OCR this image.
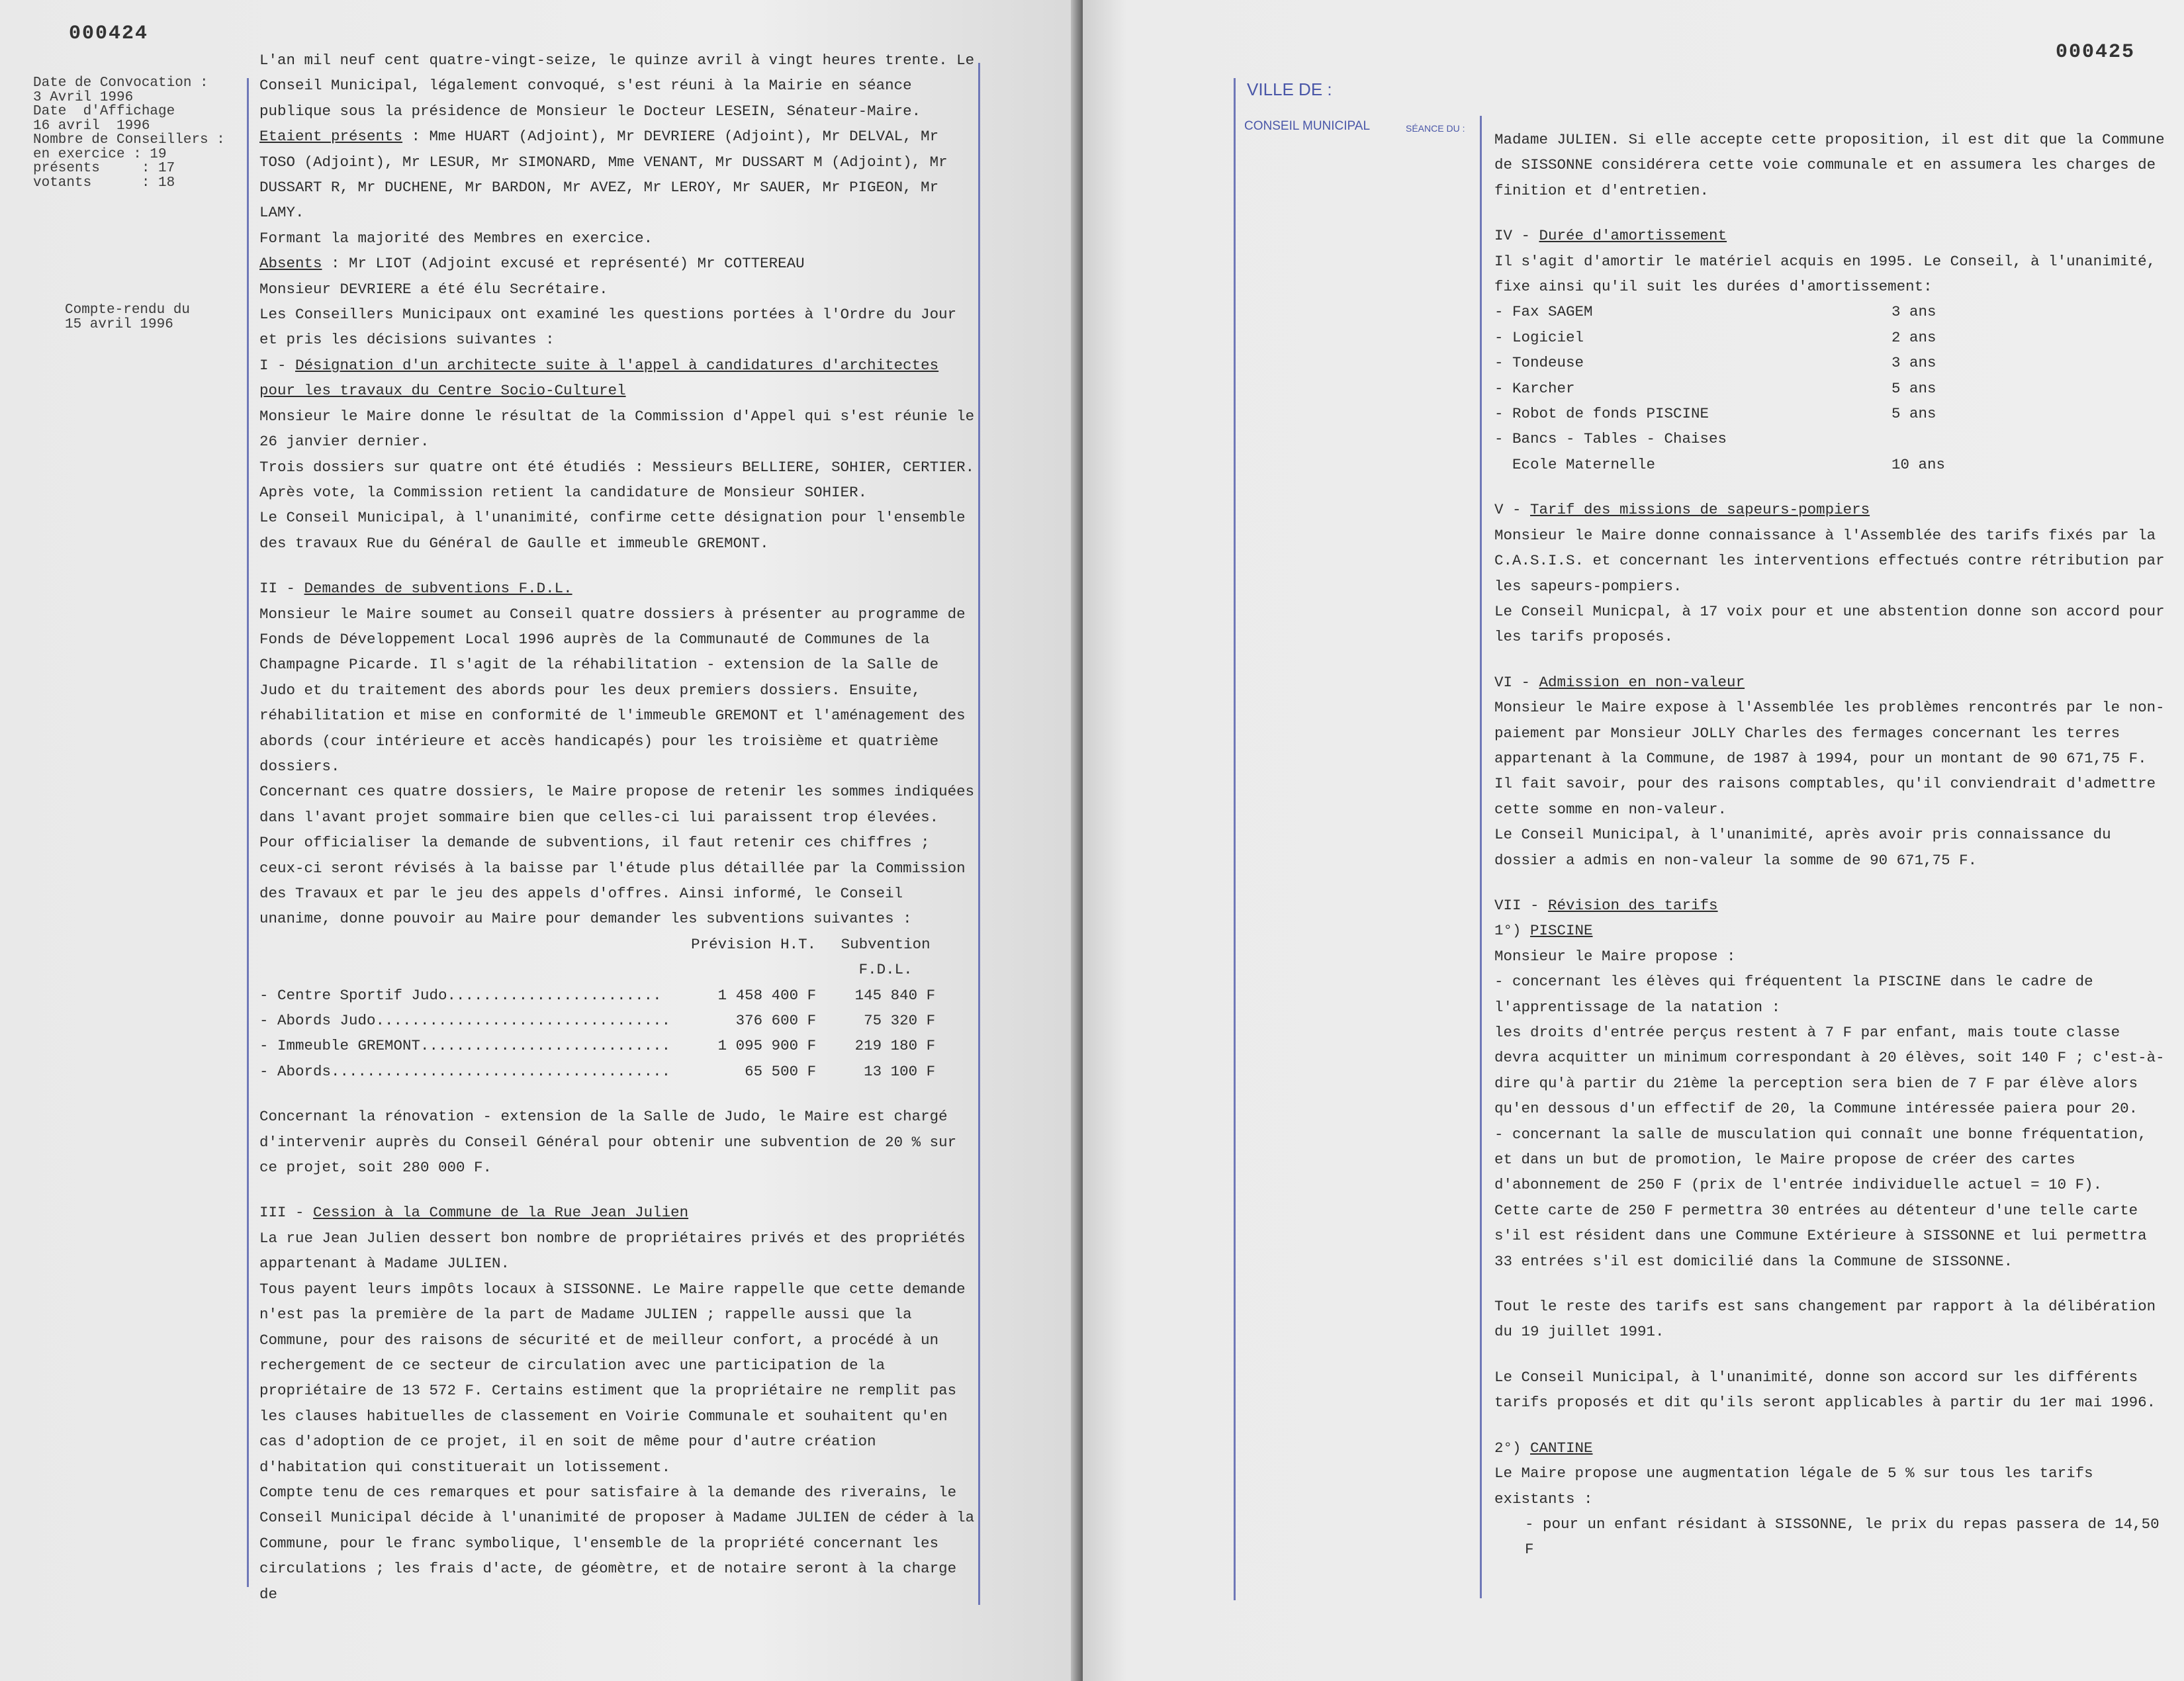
000424
Date de Convocation :
3 Avril 1996
Date  d'Affichage
16 avril  1996
Nombre de Conseillers :
en exercice : 19
présents     : 17
votants      : 18
Compte-rendu du
15 avril 1996

L'an mil neuf cent quatre-vingt-seize, le quinze avril à vingt heures trente. Le Conseil Municipal, légalement convoqué, s'est réuni à la Mairie en séance publique sous la présidence de Monsieur le Docteur LESEIN, Sénateur-Maire.

Etaient présents : Mme HUART (Adjoint), Mr DEVRIERE (Adjoint), Mr DELVAL, Mr TOSO (Adjoint), Mr LESUR, Mr SIMONARD, Mme VENANT, Mr DUSSART M (Adjoint), Mr DUSSART R, Mr DUCHENE, Mr BARDON, Mr AVEZ, Mr LEROY, Mr SAUER, Mr PIGEON, Mr LAMY.

Formant la majorité des Membres en exercice.

Absents : Mr LIOT (Adjoint excusé et représenté) Mr COTTEREAU

Monsieur DEVRIERE a été élu Secrétaire.

Les Conseillers Municipaux ont examiné les questions portées à l'Ordre du Jour et pris les décisions suivantes :

I - Désignation d'un architecte suite à l'appel à candidatures d'architectes pour les travaux du Centre Socio-Culturel

Monsieur le Maire donne le résultat de la Commission d'Appel qui s'est réunie le 26 janvier dernier.

Trois dossiers sur quatre ont été étudiés : Messieurs BELLIERE, SOHIER, CERTIER.

Après vote, la Commission retient la candidature de Monsieur SOHIER.

Le Conseil Municipal, à l'unanimité, confirme cette désignation pour l'ensemble des travaux Rue du Général de Gaulle et immeuble GREMONT.

II - Demandes de subventions F.D.L.

Monsieur le Maire soumet au Conseil quatre dossiers à présenter au programme de Fonds de Développement Local 1996 auprès de la Communauté de Communes de la Champagne Picarde. Il s'agit de la réhabilitation - extension de la Salle de Judo et du traitement des abords pour les deux premiers dossiers. Ensuite, réhabilitation et mise en conformité de l'immeuble GREMONT et l'aménagement des abords (cour intérieure et accès handicapés) pour les troisième et quatrième dossiers.

Concernant ces quatre dossiers, le Maire propose de retenir les sommes indiquées dans l'avant projet sommaire bien que celles-ci lui paraissent trop élevées. Pour officialiser la demande de subventions, il faut retenir ces chiffres ; ceux-ci seront révisés à la baisse par l'étude plus détaillée par la Commission des Travaux et par le jeu des appels d'offres. Ainsi informé, le Conseil unanime, donne pouvoir au Maire pour demander les subventions suivantes :

	Prévision H.T.	Subvention
		F.D.L.
- Centre Sportif Judo........................	1 458 400 F	145 840 F
- Abords Judo.................................	376 600 F	75 320 F
- Immeuble GREMONT............................	1 095 900 F	219 180 F
- Abords......................................	65 500 F	13 100 F

Concernant la rénovation - extension de la Salle de Judo, le Maire est chargé d'intervenir auprès du Conseil Général pour obtenir une subvention de 20 % sur ce projet, soit 280 000 F.

III - Cession à la Commune de la Rue Jean Julien

La rue Jean Julien dessert bon nombre de propriétaires privés et des propriétés appartenant à Madame JULIEN.

Tous payent leurs impôts locaux à SISSONNE. Le Maire rappelle que cette demande n'est pas la première de la part de Madame JULIEN ; rappelle aussi que la Commune, pour des raisons de sécurité et de meilleur confort, a procédé à un rechergement de ce secteur de circulation avec une participation de la propriétaire de 13 572 F. Certains estiment que la propriétaire ne remplit pas les clauses habituelles de classement en Voirie Communale et souhaitent qu'en cas d'adoption de ce projet, il en soit de même pour d'autre création d'habitation qui constituerait un lotissement.

Compte tenu de ces remarques et pour satisfaire à la demande des riverains, le Conseil Municipal décide à l'unanimité de proposer à Madame JULIEN de céder à la Commune, pour le franc symbolique, l'ensemble de la propriété concernant les circulations ; les frais d'acte, de géomètre, et de notaire seront à la charge de

000425
VILLE DE :
CONSEIL MUNICIPAL	SÉANCE DU :

Madame JULIEN. Si elle accepte cette proposition, il est dit que la Commune de SISSONNE considérera cette voie communale et en assumera les charges de finition et d'entretien.

IV - Durée d'amortissement

Il s'agit d'amortir le matériel acquis en 1995. Le Conseil, à l'unanimité, fixe ainsi qu'il suit les durées d'amortissement:

- Fax SAGEM	3 ans
- Logiciel	2 ans
- Tondeuse	3 ans
- Karcher	5 ans
- Robot de fonds PISCINE	5 ans
- Bancs - Tables - Chaises	
Ecole Maternelle	10 ans

V - Tarif des missions de sapeurs-pompiers

Monsieur le Maire donne connaissance à l'Assemblée des tarifs fixés par la C.A.S.I.S. et concernant les interventions effectués contre rétribution par les sapeurs-pompiers.

Le Conseil Municpal, à 17 voix pour et une abstention donne son accord pour les tarifs proposés.

VI - Admission en non-valeur

Monsieur le Maire expose à l'Assemblée les problèmes rencontrés par le non-paiement par Monsieur JOLLY Charles des fermages concernant les terres appartenant à la Commune, de 1987 à 1994, pour un montant de 90 671,75 F.

Il fait savoir, pour des raisons comptables, qu'il conviendrait d'admettre cette somme en non-valeur.

Le Conseil Municipal, à l'unanimité, après avoir pris connaissance du dossier a admis en non-valeur la somme de 90 671,75 F.

VII - Révision des tarifs

1°) PISCINE

Monsieur le Maire propose :

- concernant les élèves qui fréquentent la PISCINE dans le cadre de l'apprentissage de la natation :

les droits d'entrée perçus restent à 7 F par enfant, mais toute classe devra acquitter un minimum correspondant à 20 élèves, soit 140 F ; c'est-à-dire qu'à partir du 21ème la perception sera bien de 7 F par élève alors qu'en dessous d'un effectif de 20, la Commune intéressée paiera pour 20.

- concernant la salle de musculation qui connaît une bonne fréquentation, et dans un but de promotion, le Maire propose de créer des cartes d'abonnement de 250 F (prix de l'entrée individuelle actuel = 10 F).

Cette carte de 250 F permettra 30 entrées au détenteur d'une telle carte s'il est résident dans une Commune Extérieure à SISSONNE et lui permettra 33 entrées s'il est domicilié dans la Commune de SISSONNE.

Tout le reste des tarifs est sans changement par rapport à la délibération du 19 juillet 1991.

Le Conseil Municipal, à l'unanimité, donne son accord sur les différents tarifs proposés et dit qu'ils seront applicables à partir du 1er mai 1996.

2°) CANTINE

Le Maire propose une augmentation légale de 5 % sur tous les tarifs existants :

- pour un enfant résidant à SISSONNE, le prix du repas passera de 14,50 F
